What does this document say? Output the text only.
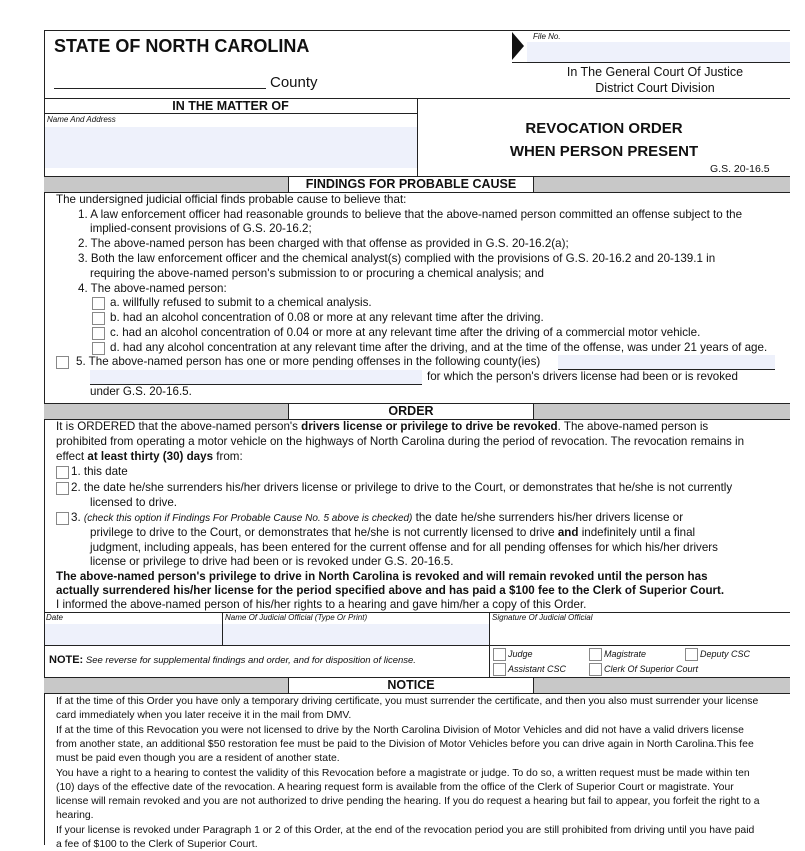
STATE OF NORTH CAROLINA
County
File No.
In The General Court Of Justice
District Court Division
IN THE MATTER OF
Name And Address
REVOCATION ORDER
WHEN PERSON PRESENT
G.S. 20-16.5
FINDINGS FOR PROBABLE CAUSE
The undersigned judicial official finds probable cause to believe that:
1. A law enforcement officer had reasonable grounds to believe that the above-named person committed an offense subject to the
implied-consent provisions of G.S. 20-16.2;
2. The above-named person has been charged with that offense as provided in G.S. 20-16.2(a);
3. Both the law enforcement officer and the chemical analyst(s) complied with the provisions of G.S. 20-16.2 and 20-139.1 in
requiring the above-named person's submission to or procuring a chemical analysis; and
4. The above-named person:
a. willfully refused to submit to a chemical analysis.
b. had an alcohol concentration of 0.08 or more at any relevant time after the driving.
c. had an alcohol concentration of 0.04 or more at any relevant time after the driving of a commercial motor vehicle.
d. had any alcohol concentration at any relevant time after the driving, and at the time of the offense, was under 21 years of age.
5. The above-named person has one or more pending offenses in the following county(ies)
for which the person's drivers license had been or is revoked
under G.S. 20-16.5.
ORDER
It is ORDERED that the above-named person's drivers license or privilege to drive be revoked. The above-named person is
prohibited from operating a motor vehicle on the highways of North Carolina during the period of revocation. The revocation remains in
effect at least thirty (30) days from:
1. this date
2. the date he/she surrenders his/her drivers license or privilege to drive to the Court, or demonstrates that he/she is not currently
licensed to drive.
3. (check this option if Findings For Probable Cause No. 5 above is checked) the date he/she surrenders his/her drivers license or
privilege to drive to the Court, or demonstrates that he/she is not currently licensed to drive and indefinitely until a final
judgment, including appeals, has been entered for the current offense and for all pending offenses for which his/her drivers
license or privilege to drive had been or is revoked under G.S. 20-16.5.
The above-named person's privilege to drive in North Carolina is revoked and will remain revoked until the person has
actually surrendered his/her license for the period specified above and has paid a $100 fee to the Clerk of Superior Court.
I informed the above-named person of his/her rights to a hearing and gave him/her a copy of this Order.
Date	Name Of Judicial Official (Type Or Print)	Signature Of Judicial Official
NOTE: See reverse for supplemental findings and order, and for disposition of license.
Judge	Magistrate	Deputy CSC
Assistant CSC	Clerk Of Superior Court
NOTICE
If at the time of this Order you have only a temporary driving certificate, you must surrender the certificate, and then you also must surrender your license
card immediately when you later receive it in the mail from DMV.
If at the time of this Revocation you were not licensed to drive by the North Carolina Division of Motor Vehicles and did not have a valid drivers license
from another state, an additional $50 restoration fee must be paid to the Division of Motor Vehicles before you can drive again in North Carolina.This fee
must be paid even though you are a resident of another state.
You have a right to a hearing to contest the validity of this Revocation before a magistrate or judge. To do so, a written request must be made within ten
(10) days of the effective date of the revocation. A hearing request form is available from the office of the Clerk of Superior Court or magistrate. Your
license will remain revoked and you are not authorized to drive pending the hearing. If you do request a hearing but fail to appear, you forfeit the right to a
hearing.
If your license is revoked under Paragraph 1 or 2 of this Order, at the end of the revocation period you are still prohibited from driving until you have paid
a fee of $100 to the Clerk of Superior Court.
